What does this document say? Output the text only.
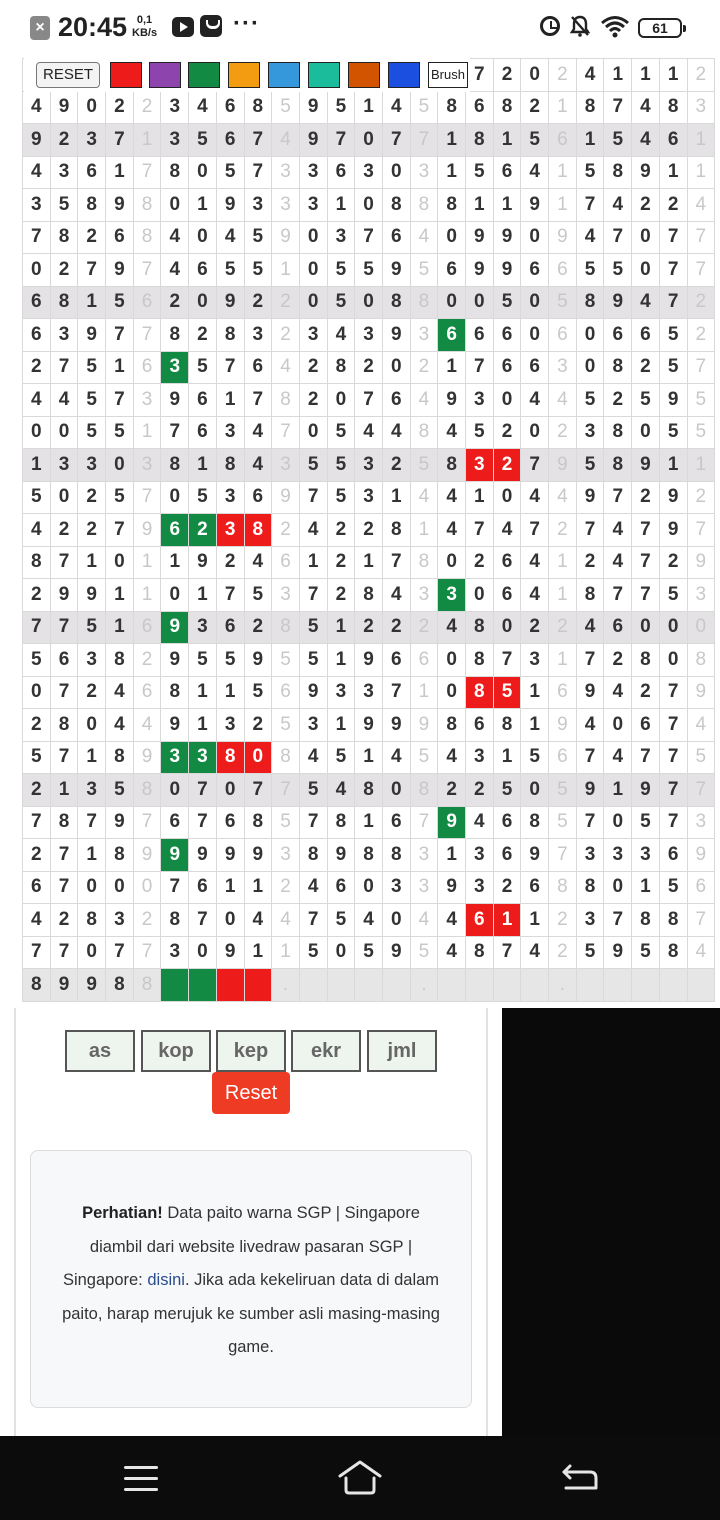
× 20:45 0,1
KB/s	···	61
																7	2	0	2	4	1	1	1	2
4	9	0	2	2	3	4	6	8	5	9	5	1	4	5	8	6	8	2	1	8	7	4	8	3
9	2	3	7	1	3	5	6	7	4	9	7	0	7	7	1	8	1	5	6	1	5	4	6	1
4	3	6	1	7	8	0	5	7	3	3	6	3	0	3	1	5	6	4	1	5	8	9	1	1
3	5	8	9	8	0	1	9	3	3	3	1	0	8	8	8	1	1	9	1	7	4	2	2	4
7	8	2	6	8	4	0	4	5	9	0	3	7	6	4	0	9	9	0	9	4	7	0	7	7
0	2	7	9	7	4	6	5	5	1	0	5	5	9	5	6	9	9	6	6	5	5	0	7	7
6	8	1	5	6	2	0	9	2	2	0	5	0	8	8	0	0	5	0	5	8	9	4	7	2
6	3	9	7	7	8	2	8	3	2	3	4	3	9	3	6	6	6	0	6	0	6	6	5	2
2	7	5	1	6	3	5	7	6	4	2	8	2	0	2	1	7	6	6	3	0	8	2	5	7
4	4	5	7	3	9	6	1	7	8	2	0	7	6	4	9	3	0	4	4	5	2	5	9	5
0	0	5	5	1	7	6	3	4	7	0	5	4	4	8	4	5	2	0	2	3	8	0	5	5
1	3	3	0	3	8	1	8	4	3	5	5	3	2	5	8	3	2	7	9	5	8	9	1	1
5	0	2	5	7	0	5	3	6	9	7	5	3	1	4	4	1	0	4	4	9	7	2	9	2
4	2	2	7	9	6	2	3	8	2	4	2	2	8	1	4	7	4	7	2	7	4	7	9	7
8	7	1	0	1	1	9	2	4	6	1	2	1	7	8	0	2	6	4	1	2	4	7	2	9
2	9	9	1	1	0	1	7	5	3	7	2	8	4	3	3	0	6	4	1	8	7	7	5	3
7	7	5	1	6	9	3	6	2	8	5	1	2	2	2	4	8	0	2	2	4	6	0	0	0
5	6	3	8	2	9	5	5	9	5	5	1	9	6	6	0	8	7	3	1	7	2	8	0	8
0	7	2	4	6	8	1	1	5	6	9	3	3	7	1	0	8	5	1	6	9	4	2	7	9
2	8	0	4	4	9	1	3	2	5	3	1	9	9	9	8	6	8	1	9	4	0	6	7	4
5	7	1	8	9	3	3	8	0	8	4	5	1	4	5	4	3	1	5	6	7	4	7	7	5
2	1	3	5	8	0	7	0	7	7	5	4	8	0	8	2	2	5	0	5	9	1	9	7	7
7	8	7	9	7	6	7	6	8	5	7	8	1	6	7	9	4	6	8	5	7	0	5	7	3
2	7	1	8	9	9	9	9	9	3	8	9	8	8	3	1	3	6	9	7	3	3	3	6	9
6	7	0	0	0	7	6	1	1	2	4	6	0	3	3	9	3	2	6	8	8	0	1	5	6
4	2	8	3	2	8	7	0	4	4	7	5	4	0	4	4	6	1	1	2	3	7	8	8	7
7	7	0	7	7	3	0	9	1	1	5	0	5	9	5	4	8	7	4	2	5	9	5	8	4
8	9	9	8	8					.					.					.					
RESET	Brush
as	kop	kep	ekr	jml
Reset
Perhatian! Data paito warna SGP | Singapore diambil dari website livedraw pasaran SGP | Singapore: disini. Jika ada kekeliruan data di dalam paito, harap merujuk ke sumber asli masing-masing game.
